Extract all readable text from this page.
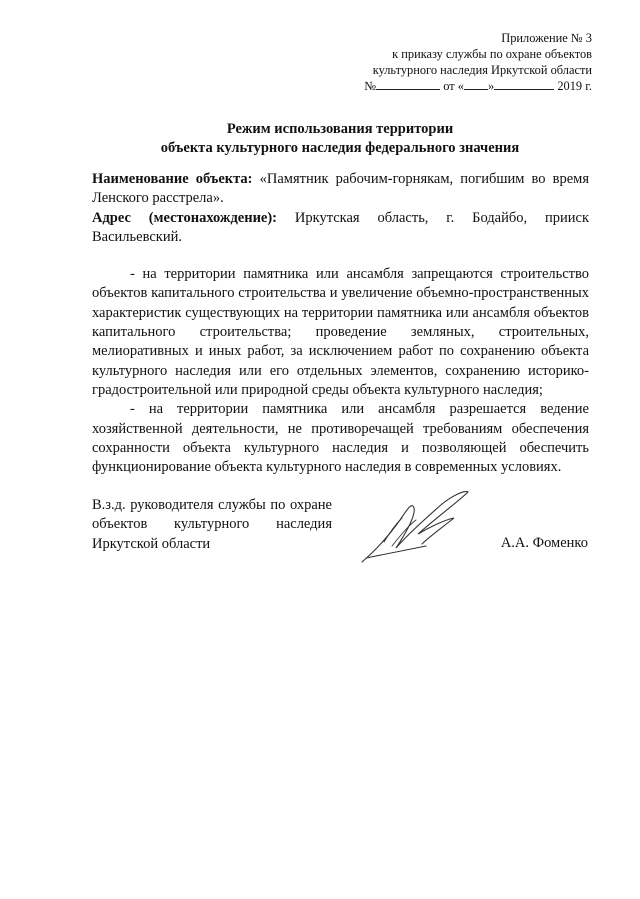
Приложение № 3
к приказу службы по охране объектов
культурного наследия Иркутской области
№	от « »	2019 г.
Режим использования территории
объекта культурного наследия федерального значения

Наименование объекта: «Памятник рабочим-горнякам, погибшим во время Ленского расстрела».

Адрес (местонахождение): Иркутская область, г. Бодайбо, прииск Васильевский.

- на территории памятника или ансамбля запрещаются строительство объектов капитального строительства и увеличение объемно-пространственных характеристик существующих на территории памятника или ансамбля объектов капитального строительства; проведение земляных, строительных, мелиоративных и иных работ, за исключением работ по сохранению объекта культурного наследия или его отдельных элементов, сохранению историко-градостроительной или природной среды объекта культурного наследия;

- на территории памятника или ансамбля разрешается ведение хозяйственной деятельности, не противоречащей требованиям обеспечения сохранности объекта культурного наследия и позволяющей обеспечить функционирование объекта культурного наследия в современных условиях.

В.з.д. руководителя службы по охране объектов культурного наследия Иркутской области	А.А. Фоменко
